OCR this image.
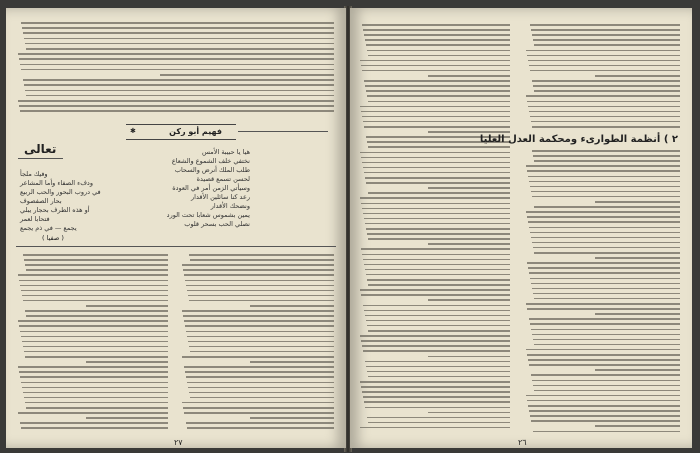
✱	فهيم أبو ركن
تعالى	هيا يا حبيبة الأمس
نختفي خلف الشموع والشعاع
طلب الملك أنرض والسحاب
لحسن تسمع قصيدة
وسيأتي الزمن أمر في العودة
رعد كنا سائلين الأقدار
ونضحك الأقدار
يمين بشموس شعابا تحت الورد
نصلي الحب بسحر قلوب
وفيك ملجأ
ودفء الصفاء وأما المشاعر
في دروب البحور والحب الربيع
بحار الصفصوف
أو هذه الطرف بحجار يبلي
فتحابا لعمر
يجمع — في ذم يجمع
( صفيا )
٢٧
٢ ) أنظمة الطوارىء ومحكمة العدل العليا
٢٦
